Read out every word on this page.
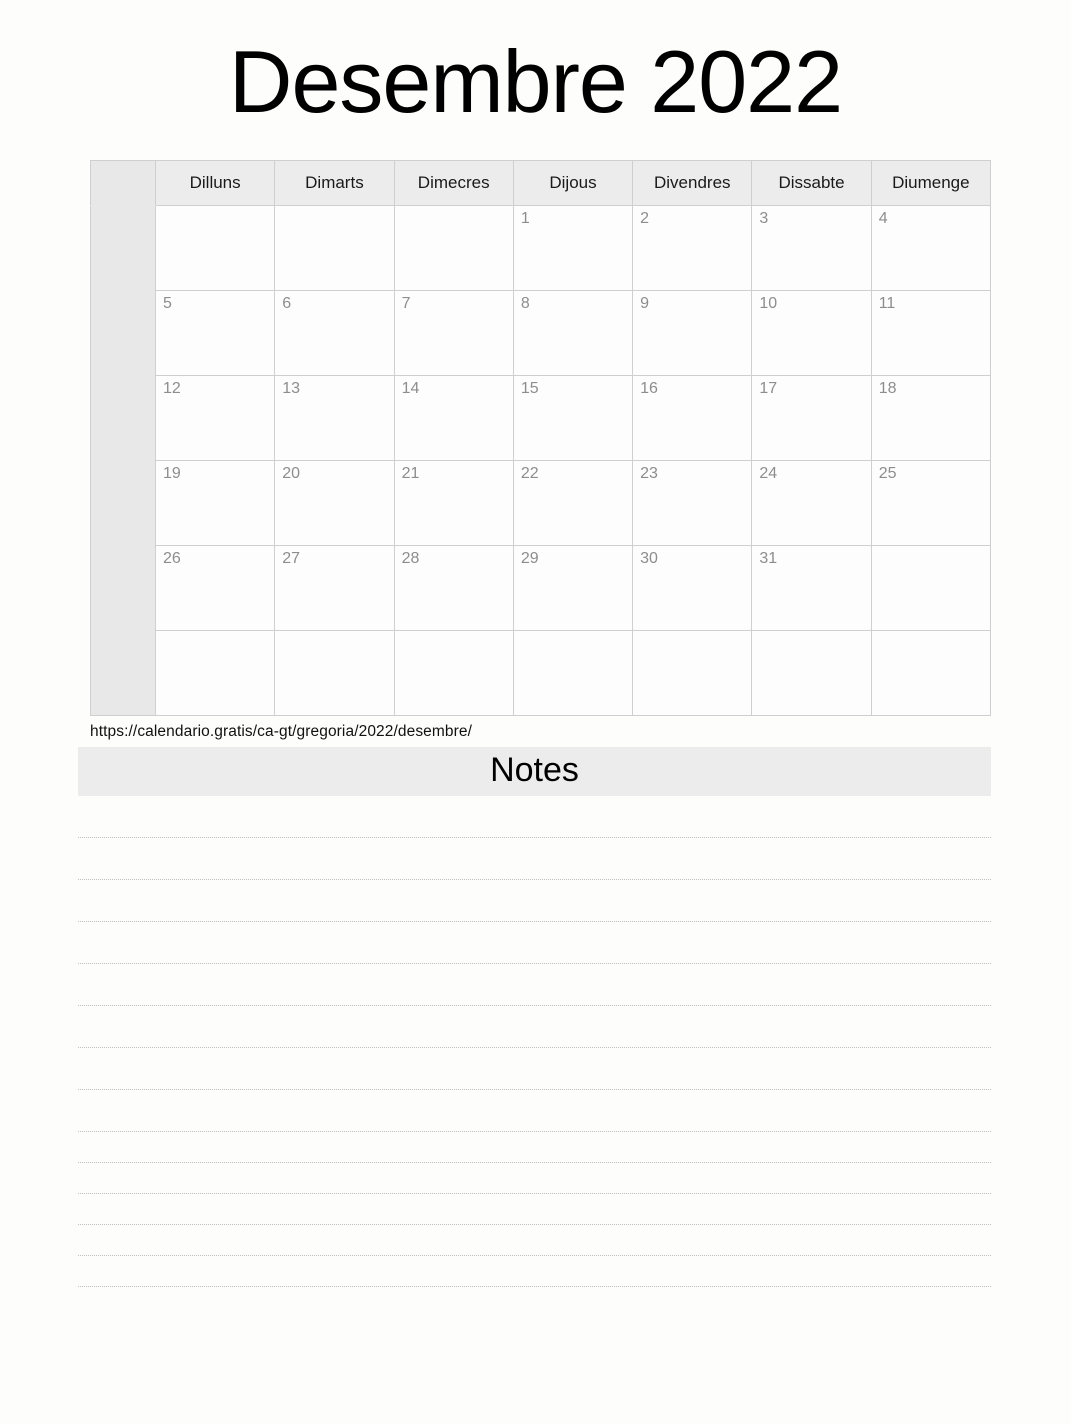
Desembre 2022
	Dilluns	Dimarts	Dimecres	Dijous	Divendres	Dissabte	Diumenge

				1	2	3	4

	5	6	7	8	9	10	11

	12	13	14	15	16	17	18

	19	20	21	22	23	24	25

	26	27	28	29	30	31	

https://calendario.gratis/ca-gt/gregoria/2022/desembre/
Notes
